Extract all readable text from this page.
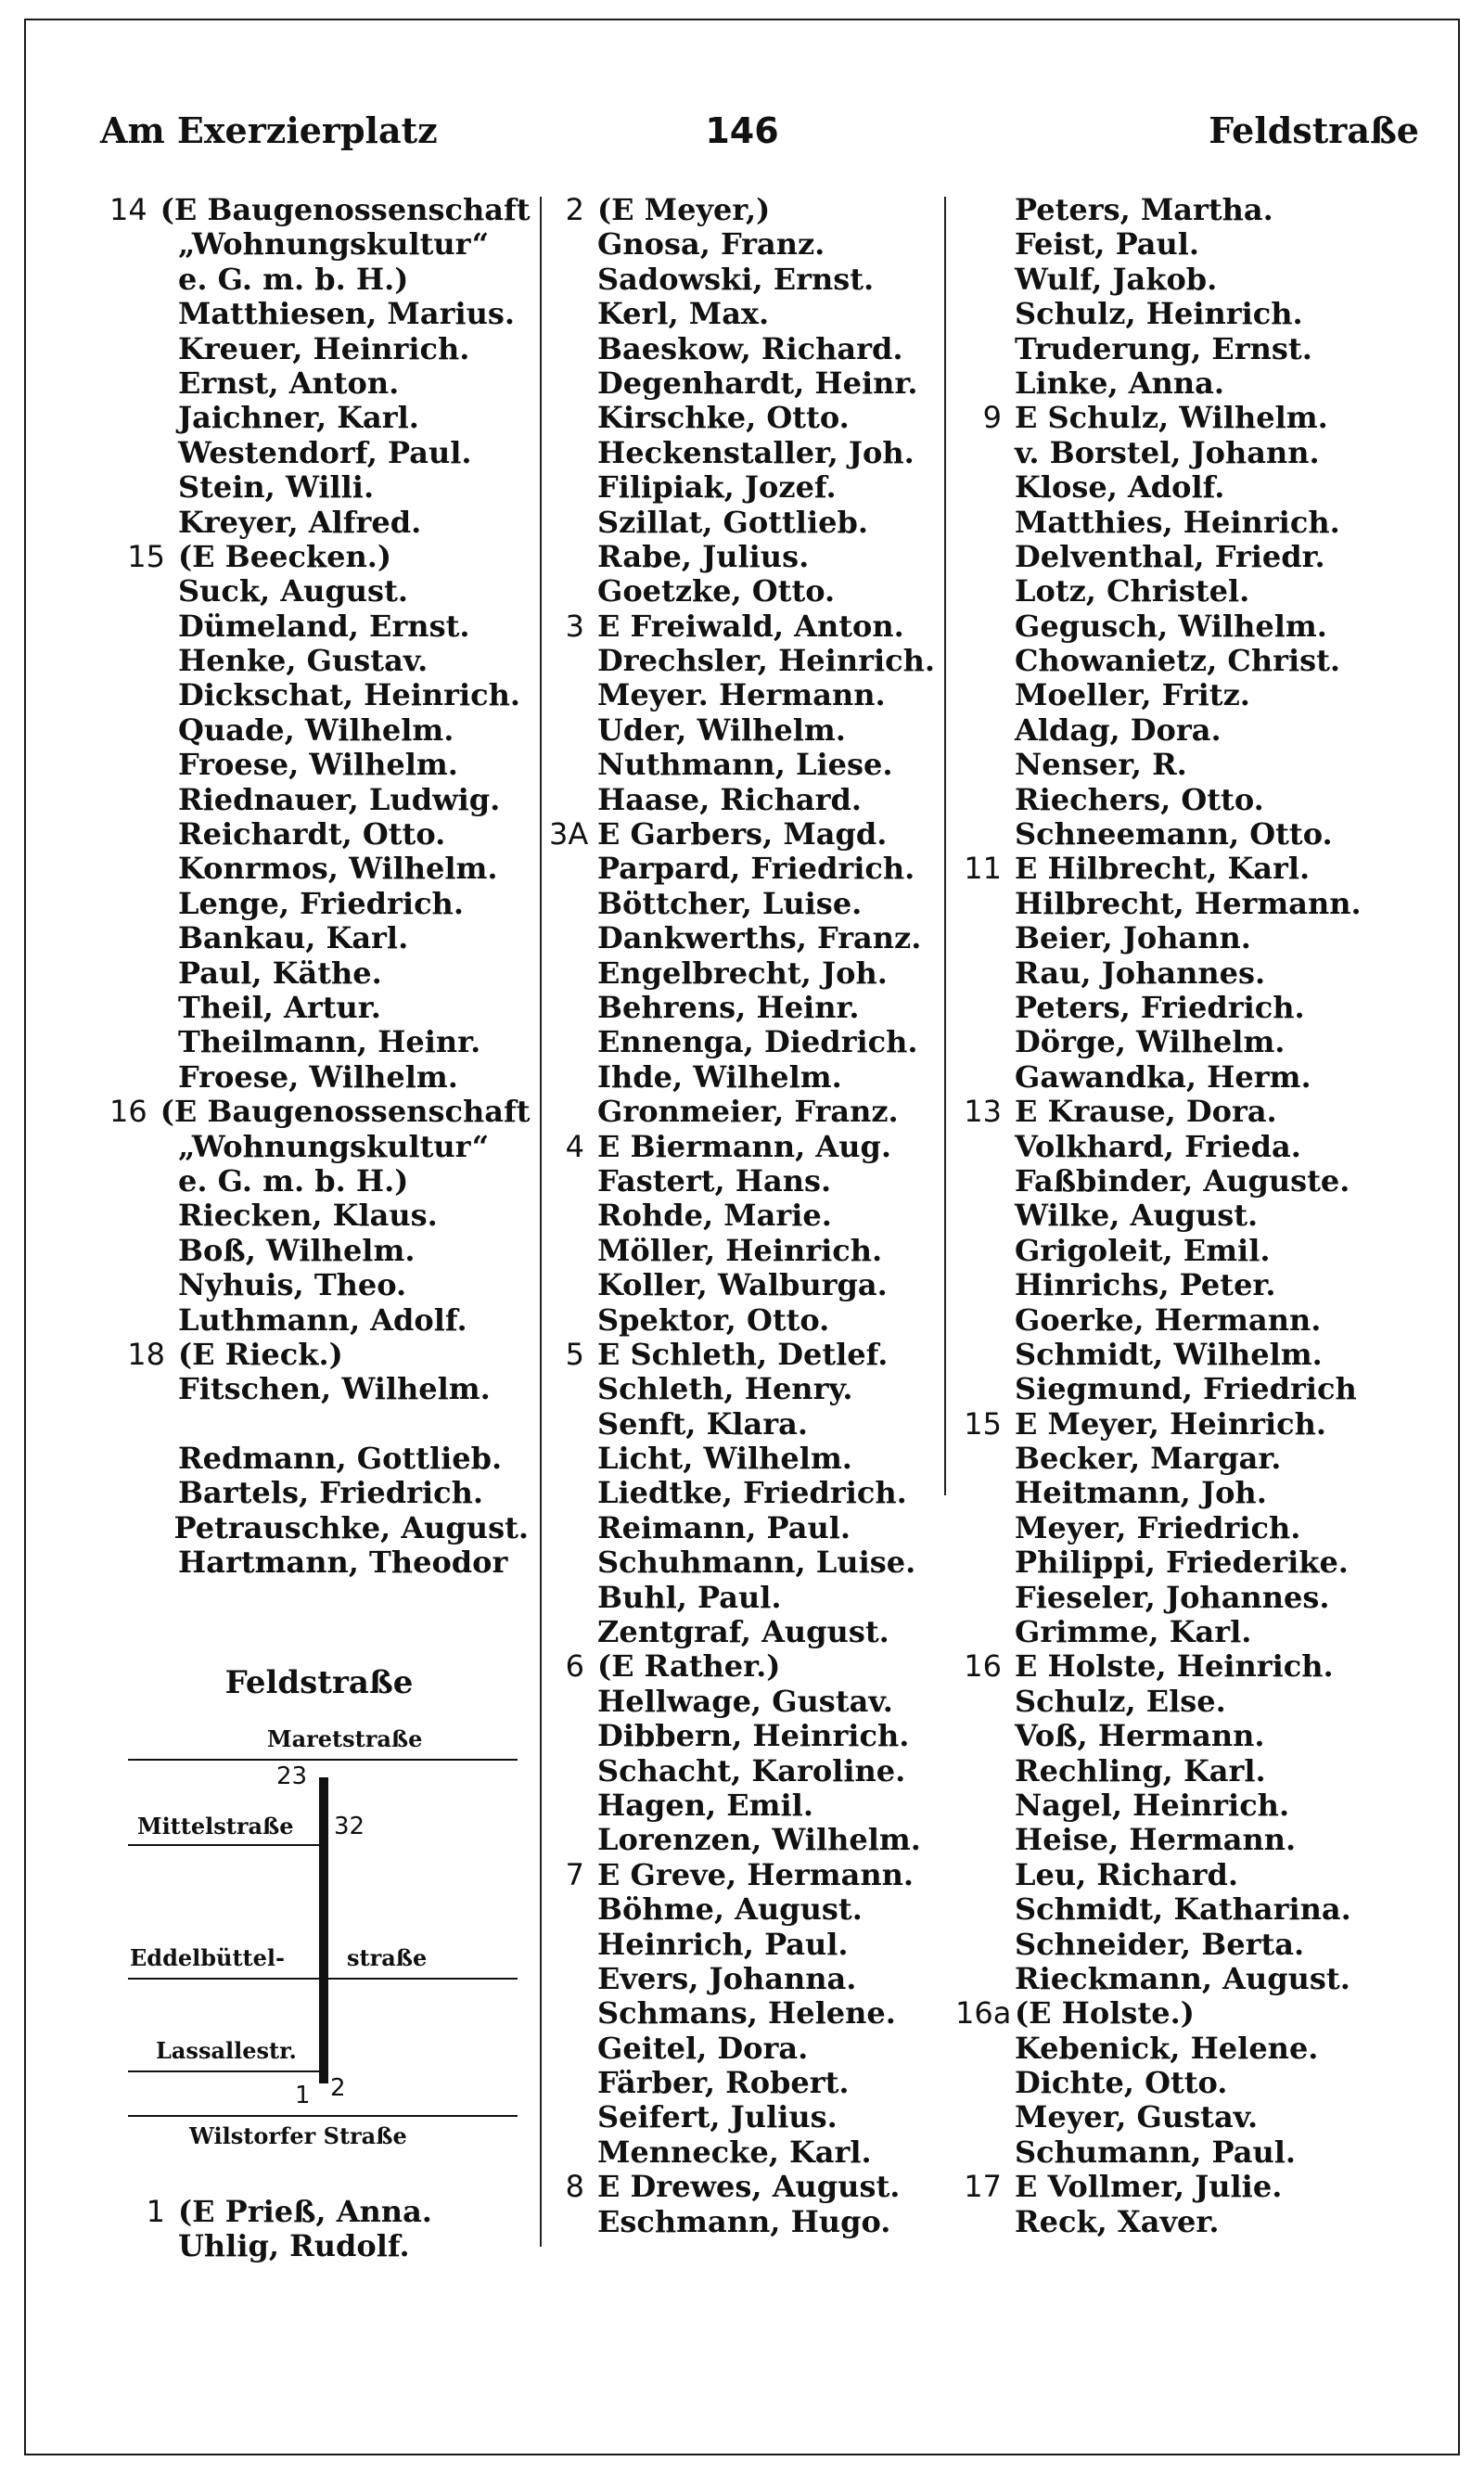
Am Exerzierplatz	146	Feldstraße
14 (E Baugenossenschaft
„Wohnungskultur“
e. G. m. b. H.)
Matthiesen, Marius.
Kreuer, Heinrich.
Ernst, Anton.
Jaichner, Karl.
Westendorf, Paul.
Stein, Willi.
Kreyer, Alfred.
15 (E Beecken.)
Suck, August.
Dümeland, Ernst.
Henke, Gustav.
Dickschat, Heinrich.
Quade, Wilhelm.
Froese, Wilhelm.
Riednauer, Ludwig.
Reichardt, Otto.
Konrmos, Wilhelm.
Lenge, Friedrich.
Bankau, Karl.
Paul, Käthe.
Theil, Artur.
Theilmann, Heinr.
Froese, Wilhelm.
16 (E Baugenossenschaft
„Wohnungskultur“
e. G. m. b. H.)
Riecken, Klaus.
Boß, Wilhelm.
Nyhuis, Theo.
Luthmann, Adolf.
18 (E Rieck.)
Fitschen, Wilhelm.
Redmann, Gottlieb.
Bartels, Friedrich.
Petrauschke, August.
Hartmann, Theodor
2 (E Meyer,)
Gnosa, Franz.
Sadowski, Ernst.
Kerl, Max.
Baeskow, Richard.
Degenhardt, Heinr.
Kirschke, Otto.
Heckenstaller, Joh.
Filipiak, Jozef.
Szillat, Gottlieb.
Rabe, Julius.
Goetzke, Otto.
3 E Freiwald, Anton.
Drechsler, Heinrich.
Meyer. Hermann.
Uder, Wilhelm.
Nuthmann, Liese.
Haase, Richard.
3A E Garbers, Magd.
Parpard, Friedrich.
Böttcher, Luise.
Dankwerths, Franz.
Engelbrecht, Joh.
Behrens, Heinr.
Ennenga, Diedrich.
Ihde, Wilhelm.
Gronmeier, Franz.
4 E Biermann, Aug.
Fastert, Hans.
Rohde, Marie.
Möller, Heinrich.
Koller, Walburga.
Spektor, Otto.
5 E Schleth, Detlef.
Schleth, Henry.
Senft, Klara.
Licht, Wilhelm.
Liedtke, Friedrich.
Reimann, Paul.
Schuhmann, Luise.
Buhl, Paul.
Zentgraf, August.
6 (E Rather.)
Hellwage, Gustav.
Dibbern, Heinrich.
Schacht, Karoline.
Hagen, Emil.
Lorenzen, Wilhelm.
7 E Greve, Hermann.
Böhme, August.
Heinrich, Paul.
Evers, Johanna.
Schmans, Helene.
Geitel, Dora.
Färber, Robert.
Seifert, Julius.
Mennecke, Karl.
8 E Drewes, August.
Eschmann, Hugo.
Peters, Martha.
Feist, Paul.
Wulf, Jakob.
Schulz, Heinrich.
Truderung, Ernst.
Linke, Anna.
9 E Schulz, Wilhelm.
v. Borstel, Johann.
Klose, Adolf.
Matthies, Heinrich.
Delventhal, Friedr.
Lotz, Christel.
Gegusch, Wilhelm.
Chowanietz, Christ.
Moeller, Fritz.
Aldag, Dora.
Nenser, R.
Riechers, Otto.
Schneemann, Otto.
11 E Hilbrecht, Karl.
Hilbrecht, Hermann.
Beier, Johann.
Rau, Johannes.
Peters, Friedrich.
Dörge, Wilhelm.
Gawandka, Herm.
13 E Krause, Dora.
Volkhard, Frieda.
Faßbinder, Auguste.
Wilke, August.
Grigoleit, Emil.
Hinrichs, Peter.
Goerke, Hermann.
Schmidt, Wilhelm.
Siegmund, Friedrich
15 E Meyer, Heinrich.
Becker, Margar.
Heitmann, Joh.
Meyer, Friedrich.
Philippi, Friederike.
Fieseler, Johannes.
Grimme, Karl.
16 E Holste, Heinrich.
Schulz, Else.
Voß, Hermann.
Rechling, Karl.
Nagel, Heinrich.
Heise, Hermann.
Leu, Richard.
Schmidt, Katharina.
Schneider, Berta.
Rieckmann, August.
16a (E Holste.)
Kebenick, Helene.
Dichte, Otto.
Meyer, Gustav.
Schumann, Paul.
17 E Vollmer, Julie.
Reck, Xaver.
Feldstraße
Maretstraße
23
Mittelstraße 32
Eddelbüttel-	straße
Lassallestr.
1 2
Wilstorfer Straße
1 (E Prieß, Anna.
Uhlig, Rudolf.
